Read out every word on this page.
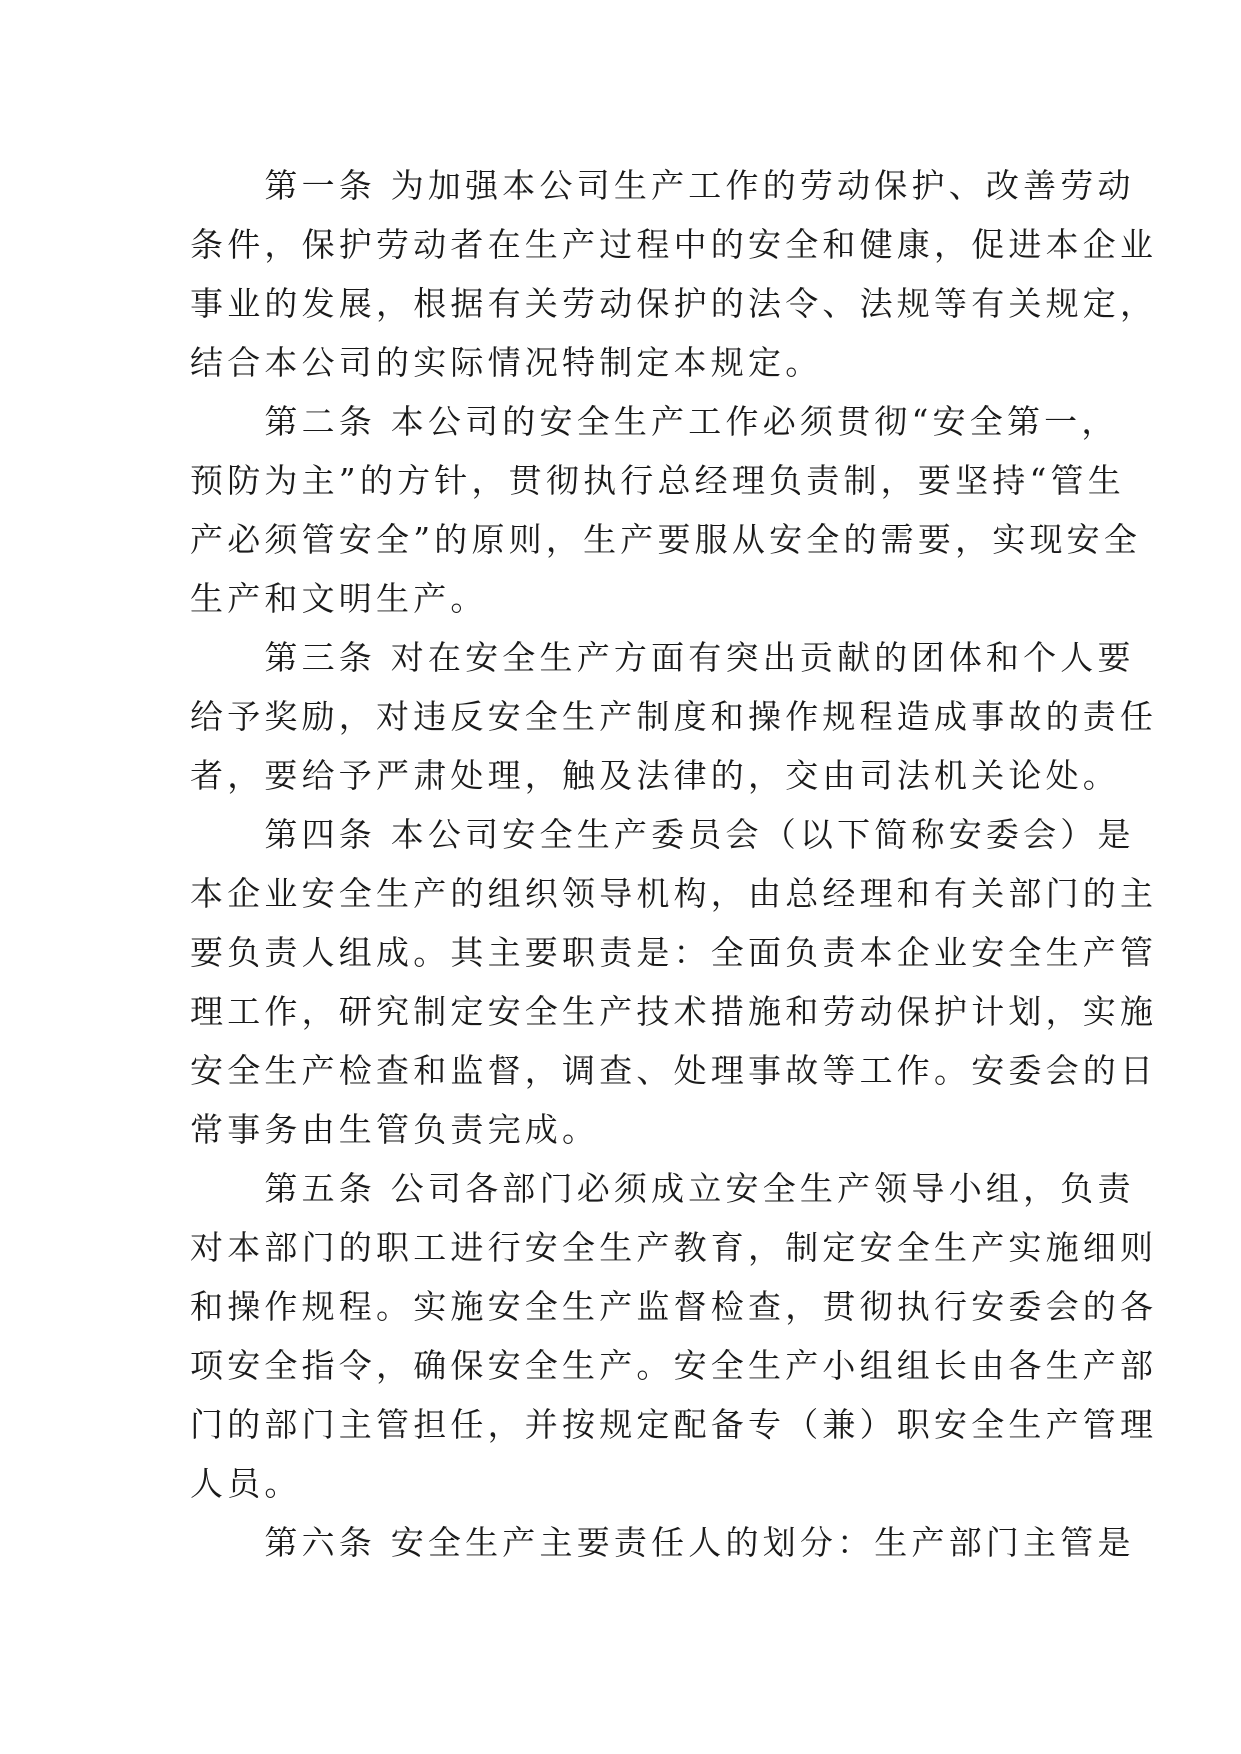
　　第一条 为加强本公司生产工作的劳动保护、改善劳动
条件，保护劳动者在生产过程中的安全和健康，促进本企业
事业的发展，根据有关劳动保护的法令、法规等有关规定，
结合本公司的实际情况特制定本规定。

　　第二条 本公司的安全生产工作必须贯彻“安全第一，
预防为主”的方针，贯彻执行总经理负责制，要坚持“管生
产必须管安全”的原则，生产要服从安全的需要，实现安全
生产和文明生产。

　　第三条 对在安全生产方面有突出贡献的团体和个人要
给予奖励，对违反安全生产制度和操作规程造成事故的责任
者，要给予严肃处理，触及法律的，交由司法机关论处。

　　第四条 本公司安全生产委员会（以下简称安委会）是
本企业安全生产的组织领导机构，由总经理和有关部门的主
要负责人组成。其主要职责是：全面负责本企业安全生产管
理工作，研究制定安全生产技术措施和劳动保护计划，实施
安全生产检查和监督，调查、处理事故等工作。安委会的日
常事务由生管负责完成。

　　第五条 公司各部门必须成立安全生产领导小组，负责
对本部门的职工进行安全生产教育，制定安全生产实施细则
和操作规程。实施安全生产监督检查，贯彻执行安委会的各
项安全指令，确保安全生产。安全生产小组组长由各生产部
门的部门主管担任，并按规定配备专（兼）职安全生产管理
人员。

　　第六条 安全生产主要责任人的划分：生产部门主管是
